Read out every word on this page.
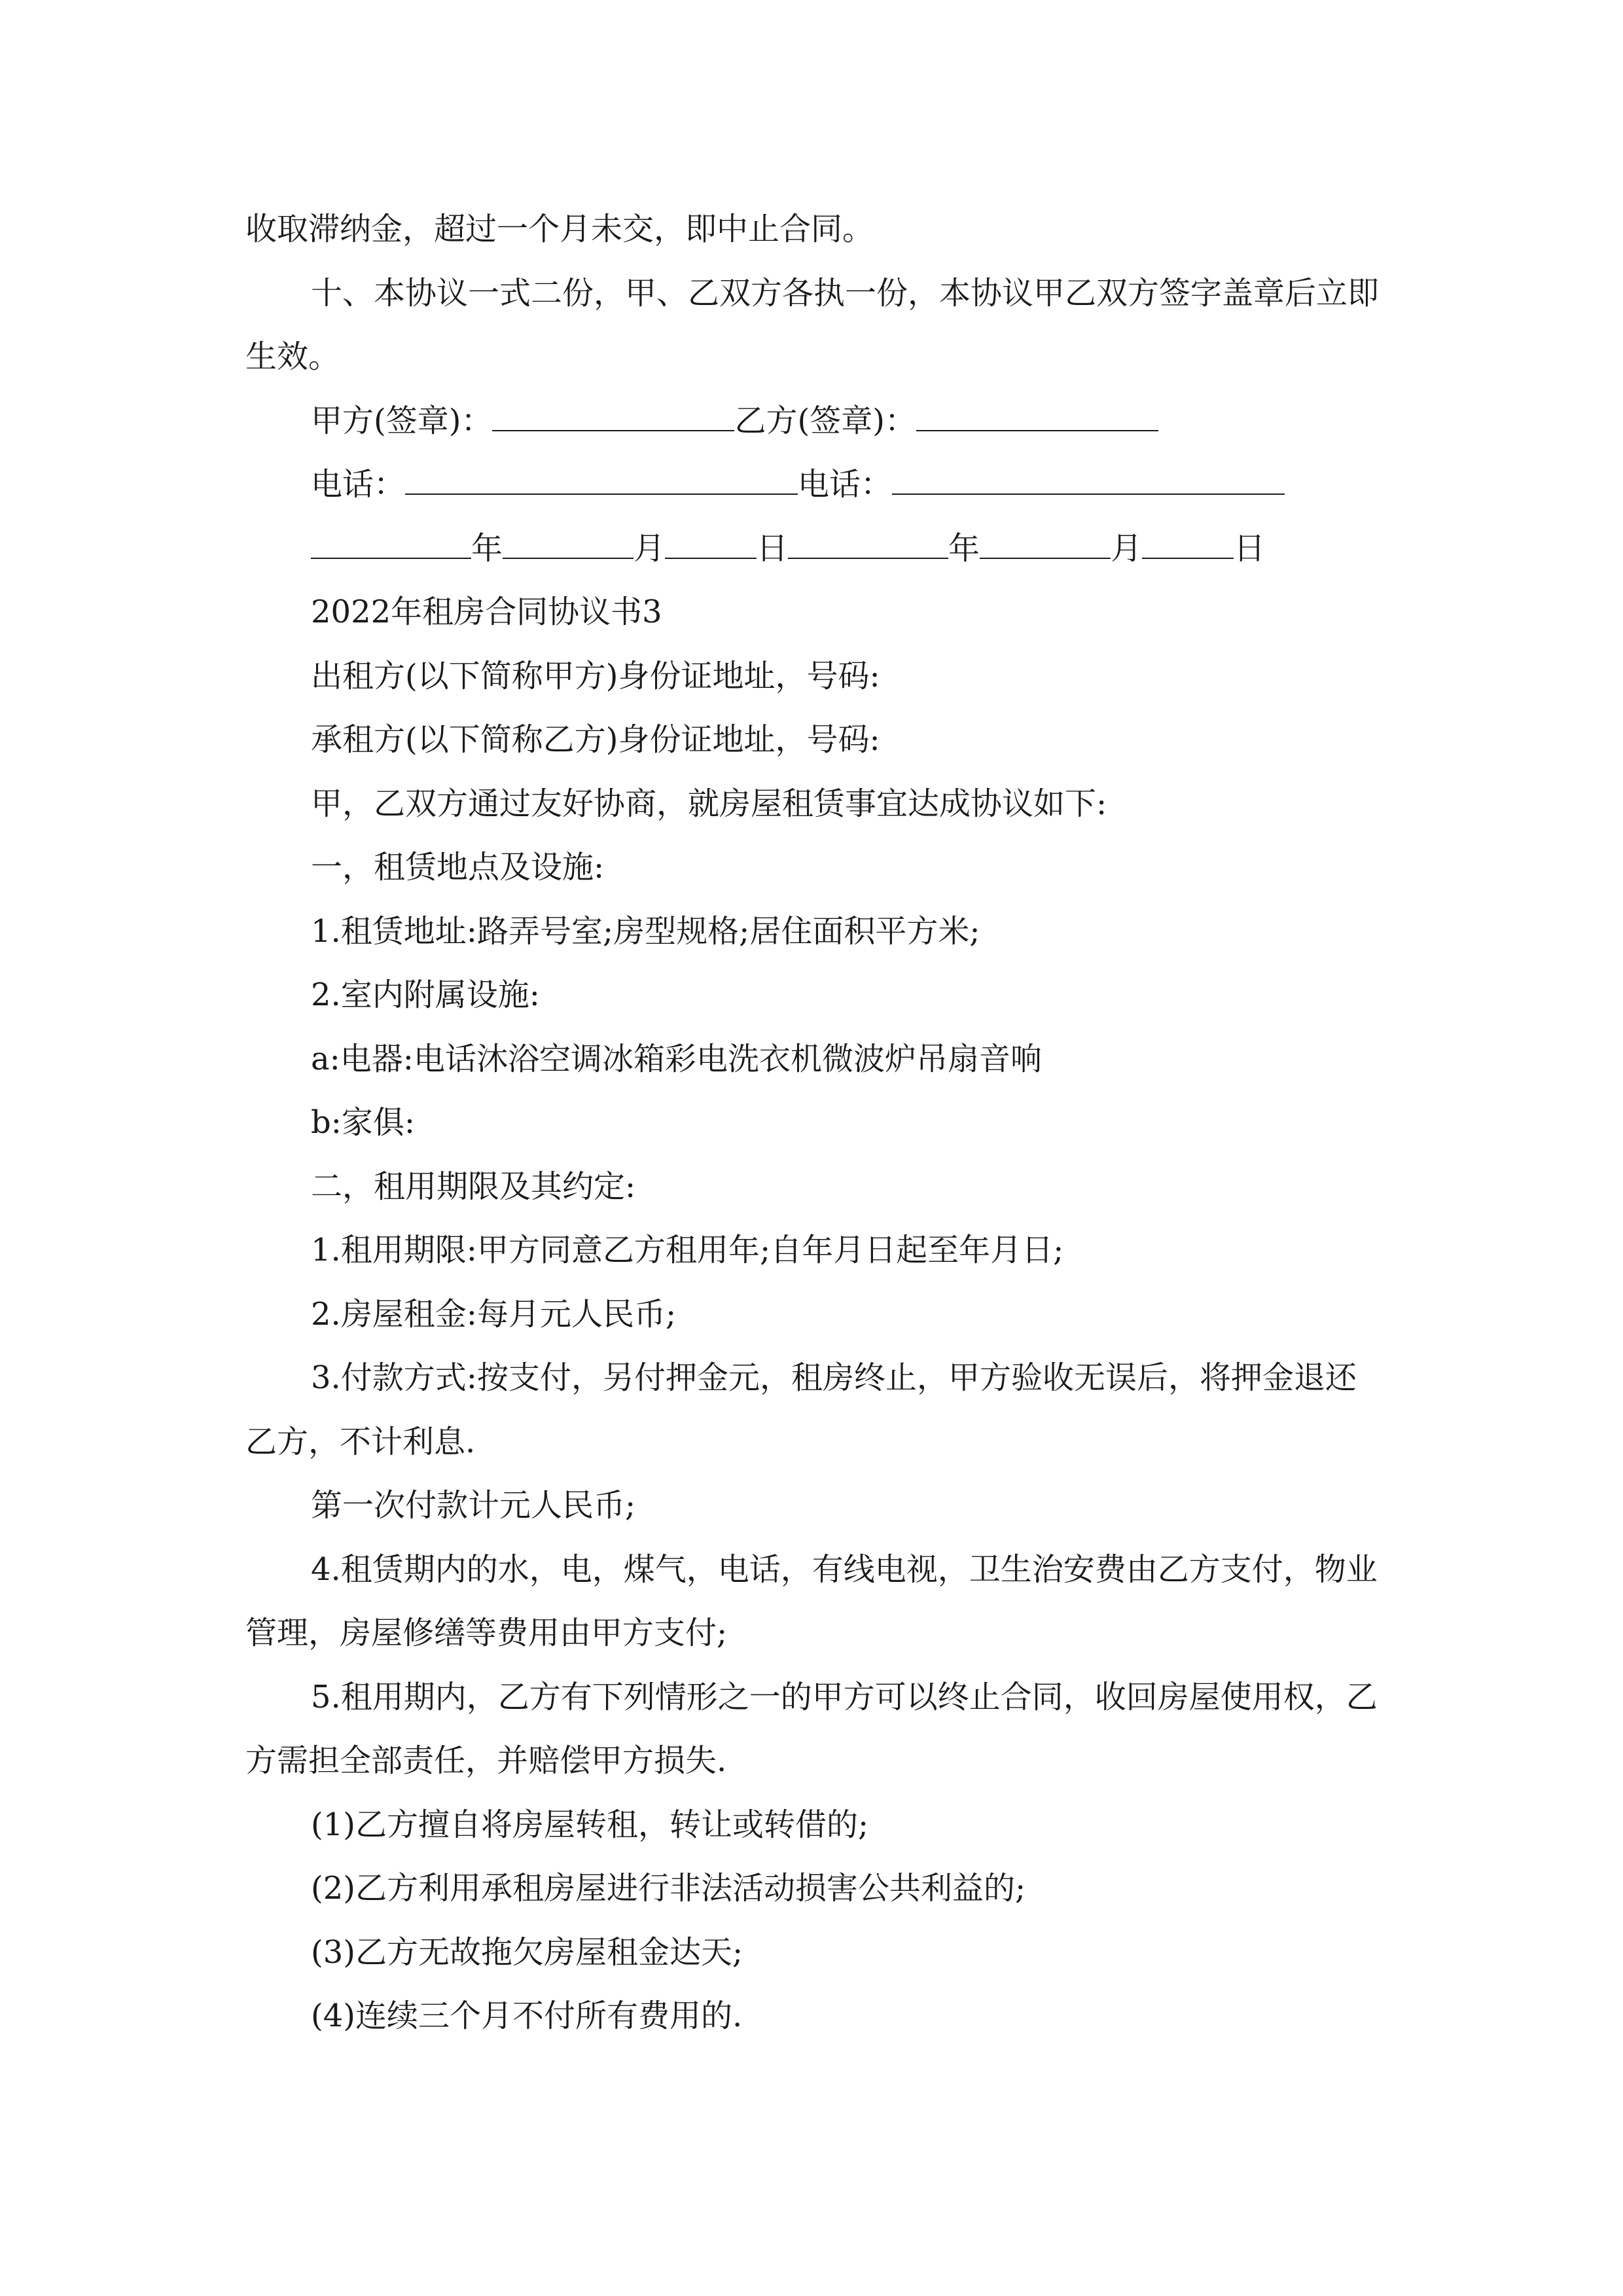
收取滞纳金，超过一个月未交，即中止合同。

十、本协议一式二份，甲、乙双方各执一份，本协议甲乙双方签字盖章后立即生效。

甲方(签章)：	乙方(签章)：

电话：	电话：

年	月	日	年	月	日

2022年租房合同协议书3

出租方(以下简称甲方)身份证地址，号码:

承租方(以下简称乙方)身份证地址，号码:

甲，乙双方通过友好协商，就房屋租赁事宜达成协议如下:

一，租赁地点及设施:

1.租赁地址:路弄号室;房型规格;居住面积平方米;

2.室内附属设施:

a:电器:电话沐浴空调冰箱彩电洗衣机微波炉吊扇音响

b:家俱:

二，租用期限及其约定:

1.租用期限:甲方同意乙方租用年;自年月日起至年月日;

2.房屋租金:每月元人民币;

3.付款方式:按支付，另付押金元，租房终止，甲方验收无误后，将押金退还乙方，不计利息.

第一次付款计元人民币;

4.租赁期内的水，电，煤气，电话，有线电视，卫生治安费由乙方支付，物业管理，房屋修缮等费用由甲方支付;

5.租用期内，乙方有下列情形之一的甲方可以终止合同，收回房屋使用权，乙方需担全部责任，并赔偿甲方损失.

(1)乙方擅自将房屋转租，转让或转借的;

(2)乙方利用承租房屋进行非法活动损害公共利益的;

(3)乙方无故拖欠房屋租金达天;

(4)连续三个月不付所有费用的.
